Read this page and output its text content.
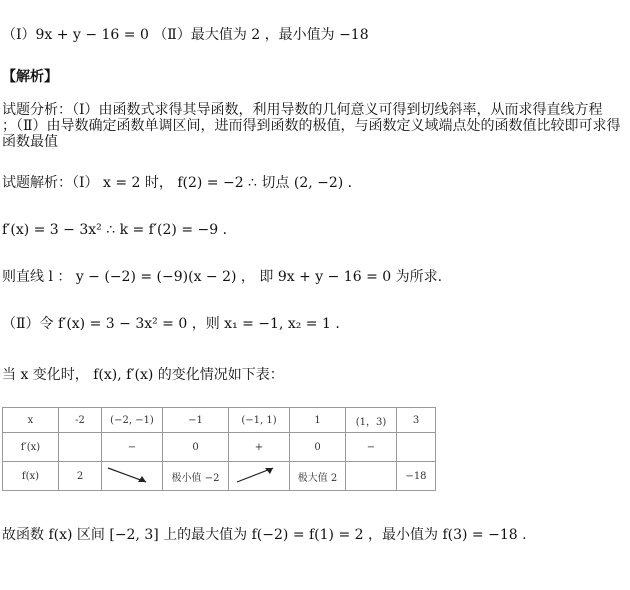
（Ⅰ）9x + y − 16 = 0 （Ⅱ）最大值为 2 ，最小值为 −18
【解析】
试题分析：（Ⅰ）由函数式求得其导函数，利用导数的几何意义可得到切线斜率，从而求得直线方程
；（Ⅱ）由导数确定函数单调区间，进而得到函数的极值，与函数定义域端点处的函数值比较即可求得
函数最值
试题解析：（Ⅰ） x = 2 时， f(2) = −2 ∴ 切点 (2, −2) ．
f′(x) = 3 − 3x² ∴ k = f′(2) = −9 ．
则直线 l ： y − (−2) = (−9)(x − 2) ， 即 9x + y − 16 = 0 为所求.
（Ⅱ）令 f′(x) = 3 − 3x² = 0 ，则 x₁ = −1, x₂ = 1 .
当 x 变化时， f(x), f′(x) 的变化情况如下表：
x	-2	(−2, −1)	−1	(−1, 1)	1	(1，3)	3
f′(x)		−	0	+	0	−	
f(x)	2		极小值 −2		极大值 2		−18
故函数 f(x) 区间 [−2, 3] 上的最大值为 f(−2) = f(1) = 2 ，最小值为 f(3) = −18 .
